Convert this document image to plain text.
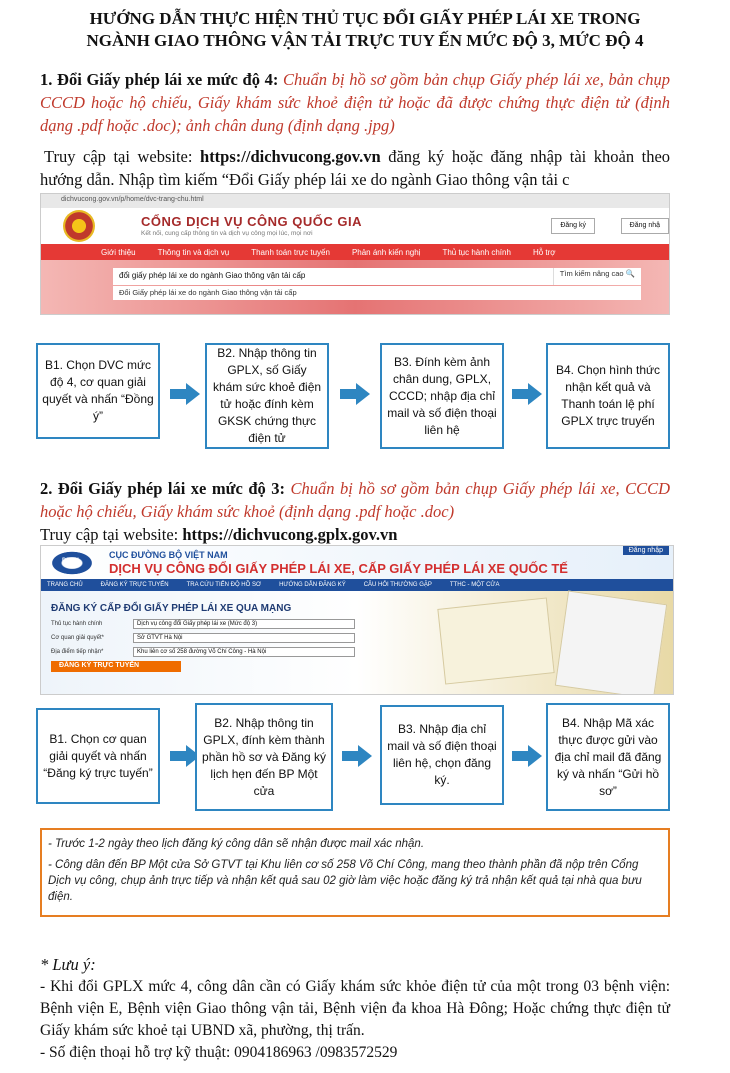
HƯỚNG DẪN THỰC HIỆN THỦ TỤC ĐỔI GIẤY PHÉP LÁI XE TRONG
NGÀNH GIAO THÔNG VẬN TẢI TRỰC TUY ẾN MỨC ĐỘ 3, MỨC ĐỘ 4
1. Đổi Giấy phép lái xe mức độ 4: Chuẩn bị hồ sơ gồm bản chụp Giấy phép lái xe, bản chụp CCCD hoặc hộ chiếu, Giấy khám sức khoẻ điện tử hoặc đã được chứng thực điện tử (định dạng .pdf hoặc .doc); ảnh chân dung (định dạng .jpg)
Truy cập tại website: https://dichvucong.gov.vn đăng ký hoặc đăng nhập tài khoản theo hướng dẫn. Nhập tìm kiếm “Đổi Giấy phép lái xe do ngành Giao thông vận tải c
dichvucong.gov.vn/p/home/dvc-trang-chu.html
CỔNG DỊCH VỤ CÔNG QUỐC GIA
Kết nối, cung cấp thông tin và dịch vụ công mọi lúc, mọi nơi
Đăng ký	Đăng nhậ
Giới thiệu	Thông tin và dịch vụ	Thanh toán trực tuyến	Phản ánh kiến nghị	Thủ tục hành chính	Hỗ trợ
đổi giấy phép lái xe do ngành Giao thông vận tải cấp	Tìm kiếm nâng cao 🔍
Đổi Giấy phép lái xe do ngành Giao thông vận tải cấp
B1. Chọn DVC mức độ 4, cơ quan giải quyết và nhấn “Đồng ý”
B2. Nhập thông tin GPLX, số Giấy khám sức khoẻ điện tử hoặc đính kèm GKSK chứng thực điện tử
B3. Đính kèm ảnh chân dung, GPLX, CCCD; nhập địa chỉ mail và số điện thoại liên hệ
B4. Chọn hình thức nhận kết quả và Thanh toán lệ phí GPLX trực truyến
2. Đổi Giấy phép lái xe mức độ 3: Chuẩn bị hồ sơ gồm bản chụp Giấy phép lái xe, CCCD hoặc hộ chiếu, Giấy khám sức khoẻ (định dạng .pdf hoặc .doc)
Truy cập tại website: https://dichvucong.gplx.gov.vn
DRVN
CỤC ĐƯỜNG BỘ VIỆT NAM
DỊCH VỤ CÔNG ĐỔI GIẤY PHÉP LÁI XE, CẤP GIẤY PHÉP LÁI XE QUỐC TẾ
Đăng nhập
TRANG CHỦ	ĐĂNG KÝ TRỰC TUYẾN	TRA CỨU TIẾN ĐỘ HỒ SƠ	HƯỚNG DẪN ĐĂNG KÝ	CÂU HỎI THƯỜNG GẶP	TTHC - MỘT CỬA
ĐĂNG KÝ CẤP ĐỔI GIẤY PHÉP LÁI XE QUA MẠNG
Thủ tục hành chính	Dịch vụ công đổi Giấy phép lái xe (Mức độ 3)
Cơ quan giải quyết*	Sở GTVT Hà Nội
Địa điểm tiếp nhận*	Khu liên cơ số 258 đường Võ Chí Công - Hà Nội
ĐĂNG KÝ TRỰC TUYẾN
B1. Chọn cơ quan giải quyết và nhấn “Đăng ký trực tuyến”
B2. Nhập thông tin GPLX, đính kèm thành phần hồ sơ và Đăng ký lịch hẹn đến BP Một cửa
B3. Nhập địa chỉ mail và số điện thoại liên hệ, chọn đăng ký.
B4. Nhập Mã xác thực được gửi vào địa chỉ mail đã đăng ký và nhấn “Gửi hồ sơ”

- Trước 1-2 ngày theo lịch đăng ký công dân sẽ nhận được mail xác nhận.

- Công dân đến BP Một cửa Sở GTVT tại Khu liên cơ số 258 Võ Chí Công, mang theo thành phần đã nộp trên Cổng Dịch vụ công, chụp ảnh trực tiếp và nhận kết quả sau 02 giờ làm việc hoặc đăng ký trả nhận kết quả tại nhà qua bưu điện.

* Lưu ý:
- Khi đổi GPLX mức 4, công dân cần có Giấy khám sức khỏe điện tử của một trong 03 bệnh viện: Bệnh viện E, Bệnh viện Giao thông vận tải, Bệnh viện đa khoa Hà Đông; Hoặc chứng thực điện tử Giấy khám sức khoẻ tại UBND xã, phường, thị trấn.
- Số điện thoại hỗ trợ kỹ thuật: 0904186963 /0983572529
